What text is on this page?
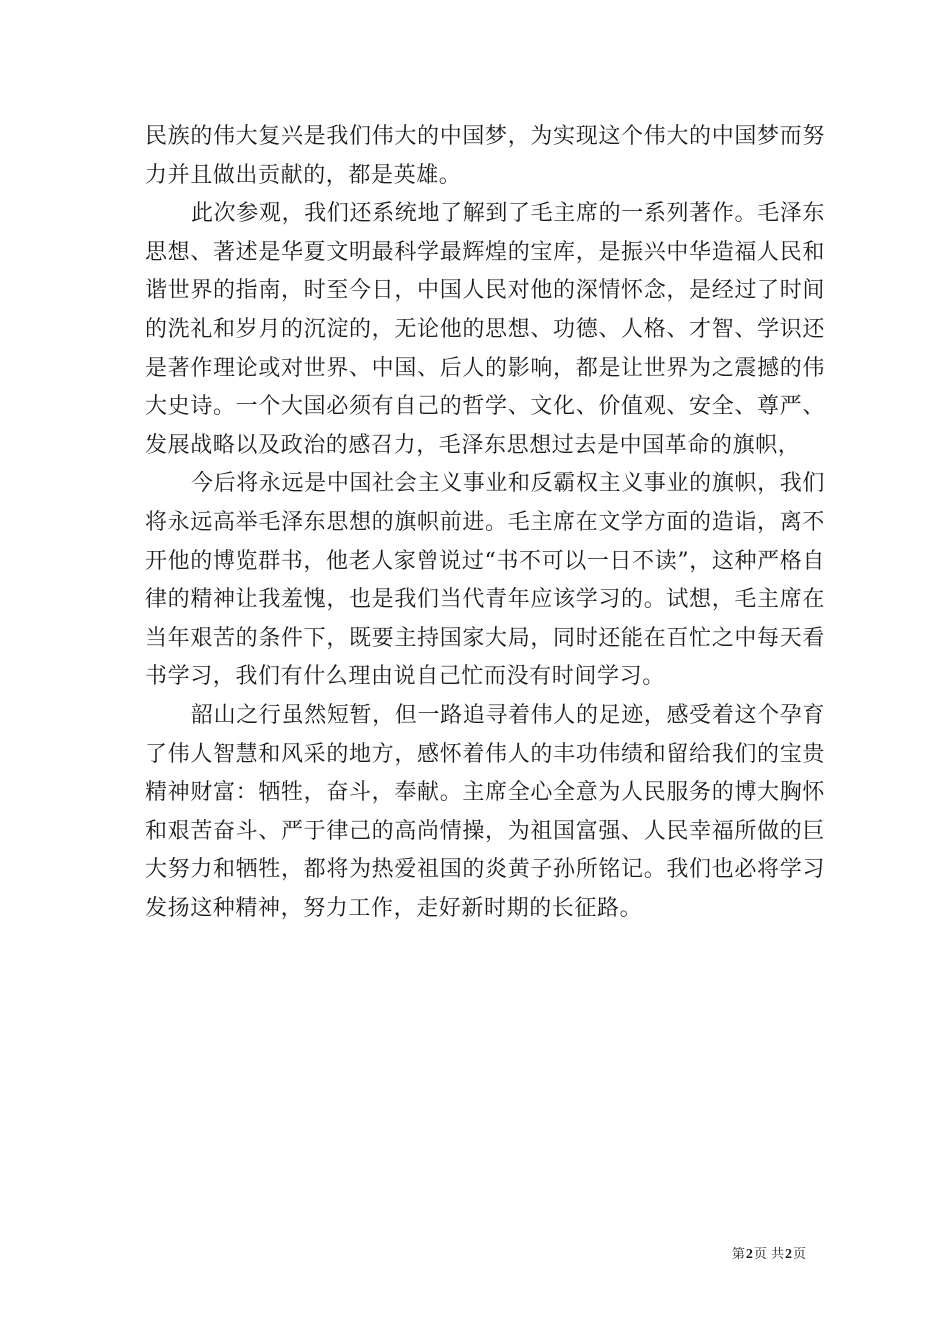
民族的伟大复兴是我们伟大的中国梦，为实现这个伟大的中国梦而努力并且做出贡献的，都是英雄。

此次参观，我们还系统地了解到了毛主席的一系列著作。毛泽东思想、著述是华夏文明最科学最辉煌的宝库，是振兴中华造福人民和谐世界的指南，时至今日，中国人民对他的深情怀念，是经过了时间的洗礼和岁月的沉淀的，无论他的思想、功德、人格、才智、学识还是著作理论或对世界、中国、后人的影响，都是让世界为之震撼的伟大史诗。一个大国必须有自己的哲学、文化、价值观、安全、尊严、发展战略以及政治的感召力，毛泽东思想过去是中国革命的旗帜，

今后将永远是中国社会主义事业和反霸权主义事业的旗帜，我们将永远高举毛泽东思想的旗帜前进。毛主席在文学方面的造诣，离不开他的博览群书，他老人家曾说过“书不可以一日不读”，这种严格自律的精神让我羞愧，也是我们当代青年应该学习的。试想，毛主席在当年艰苦的条件下，既要主持国家大局，同时还能在百忙之中每天看书学习，我们有什么理由说自己忙而没有时间学习。

韶山之行虽然短暂，但一路追寻着伟人的足迹，感受着这个孕育了伟人智慧和风采的地方，感怀着伟人的丰功伟绩和留给我们的宝贵精神财富：牺牲，奋斗，奉献。主席全心全意为人民服务的博大胸怀和艰苦奋斗、严于律己的高尚情操，为祖国富强、人民幸福所做的巨大努力和牺牲，都将为热爱祖国的炎黄子孙所铭记。我们也必将学习发扬这种精神，努力工作，走好新时期的长征路。

第2页 共2页
